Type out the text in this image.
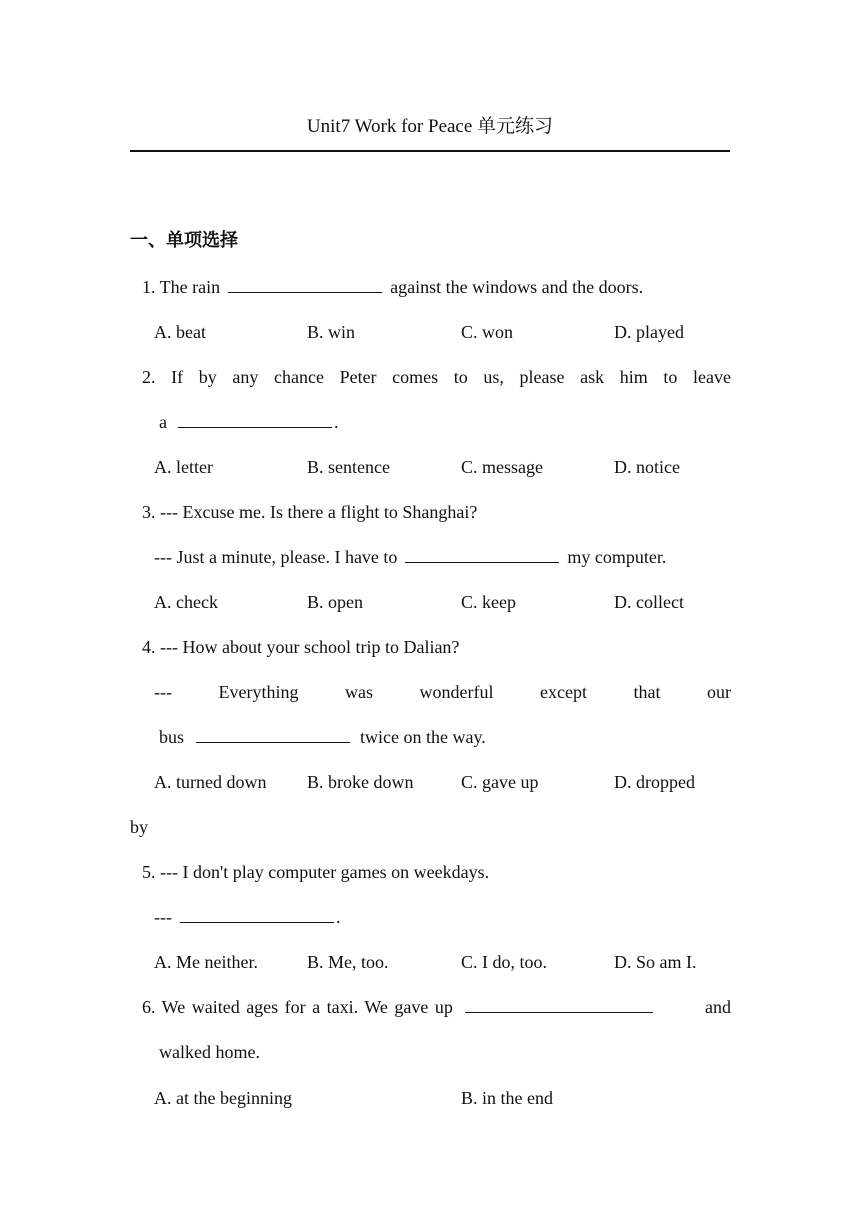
Unit7 Work for Peace 单元练习
一、单项选择
1. The rain	against the windows and the doors.
A. beat	B. win	C. won	D. played
2. If by any chance Peter comes to us, please ask him to leave
a	.
A. letter	B. sentence	C. message	D. notice
3. --- Excuse me. Is there a flight to Shanghai?
--- Just a minute, please. I have to	my computer.
A. check	B. open	C. keep	D. collect
4. --- How about your school trip to Dalian?
--- Everything was wonderful except that our
bus	twice on the way.
A. turned down B. broke down	C. gave up	D. dropped
by
5. --- I don't play computer games on weekdays.
---	.
A. Me neither.	B. Me, too.	C. I do, too.	D. So am I.
6. We waited ages for a taxi. We gave up	and
walked home.
A. at the beginning	B. in the end
